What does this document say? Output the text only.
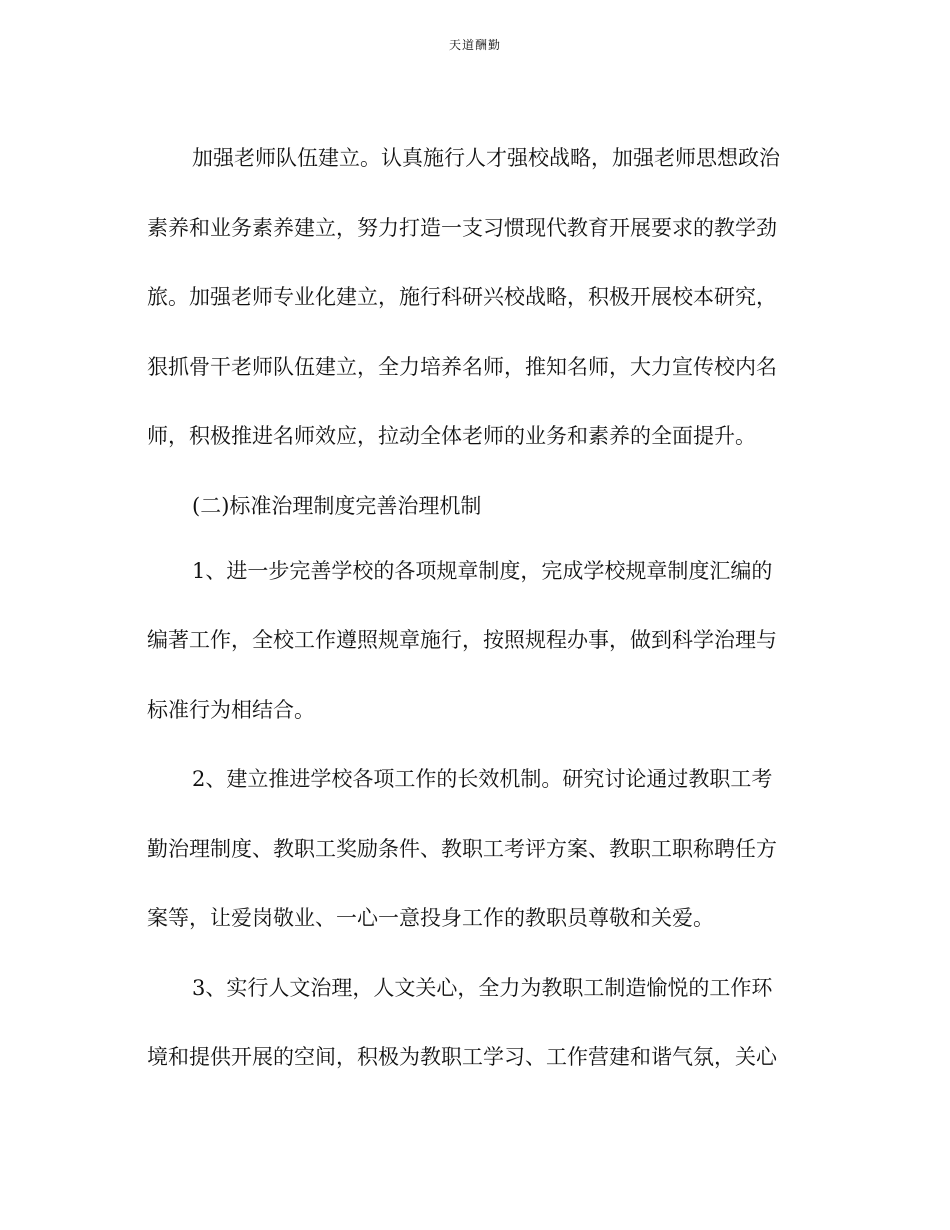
天道酬勤
加强老师队伍建立。认真施行人才强校战略，加强老师思想政治
素养和业务素养建立，努力打造一支习惯现代教育开展要求的教学劲
旅。加强老师专业化建立，施行科研兴校战略，积极开展校本研究，
狠抓骨干老师队伍建立，全力培养名师，推知名师，大力宣传校内名
师，积极推进名师效应，拉动全体老师的业务和素养的全面提升。
(二)标准治理制度完善治理机制
1、进一步完善学校的各项规章制度，完成学校规章制度汇编的
编著工作，全校工作遵照规章施行，按照规程办事，做到科学治理与
标准行为相结合。
2、建立推进学校各项工作的长效机制。研究讨论通过教职工考
勤治理制度、教职工奖励条件、教职工考评方案、教职工职称聘任方
案等，让爱岗敬业、一心一意投身工作的教职员尊敬和关爱。
3、实行人文治理，人文关心，全力为教职工制造愉悦的工作环
境和提供开展的空间，积极为教职工学习、工作营建和谐气氛，关心
